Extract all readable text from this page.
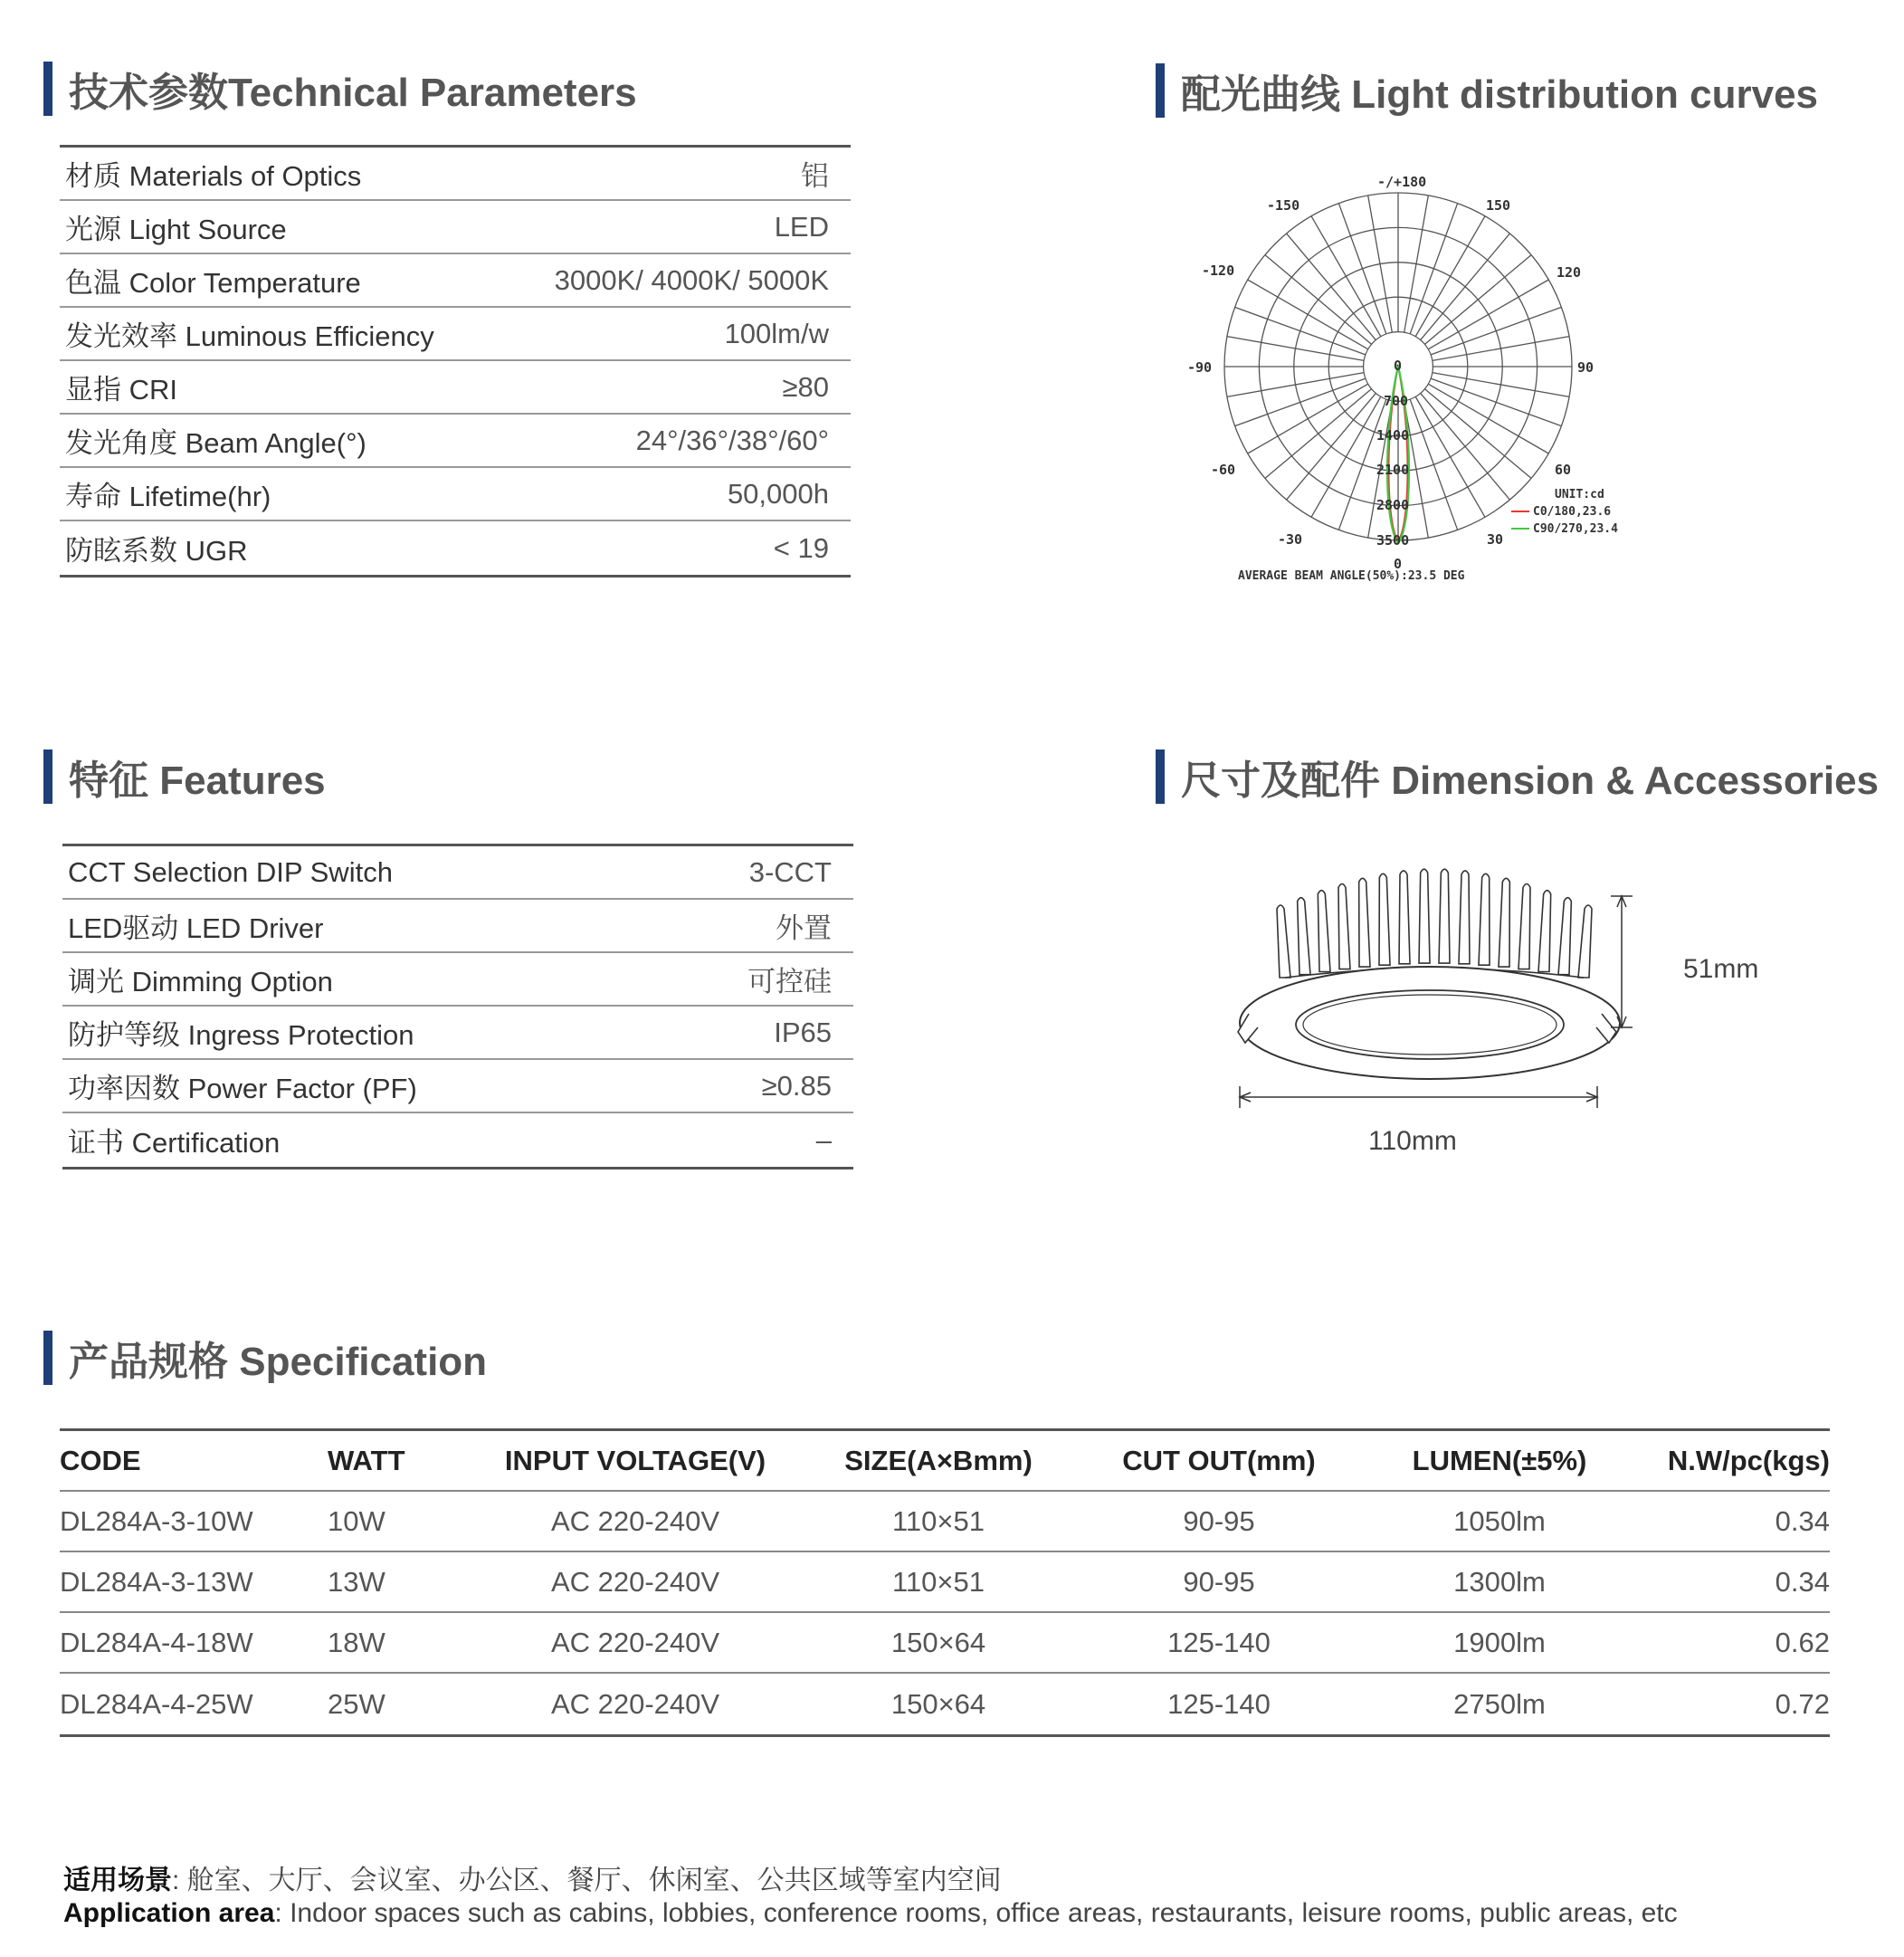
技术参数Technical Parameters
材质 Materials of Optics	铝
光源 Light Source	LED
色温 Color Temperature	3000K/ 4000K/ 5000K
发光效率 Luminous Efficiency	100lm/w
显指 CRI	≥80
发光角度 Beam Angle(°)	24°/36°/38°/60°
寿命 Lifetime(hr)	50,000h
防眩系数 UGR	< 19
配光曲线 Light distribution curves
-/+180
-150	150
-120	120
-90	90
-60	60
-30	30
0
0
700
1400
2100
2800
3500
UNIT:cd
C0/180,23.6
C90/270,23.4
AVERAGE BEAM ANGLE(50%):23.5 DEG
特征 Features
CCT Selection DIP Switch	3-CCT
LED驱动 LED Driver	外置
调光 Dimming Option	可控硅
防护等级 Ingress Protection	IP65
功率因数 Power Factor (PF)	≥0.85
证书 Certification	–
尺寸及配件 Dimension & Accessories
51mm
110mm
产品规格 Specification
CODE	WATT	INPUT VOLTAGE(V)	SIZE(A×Bmm)	CUT OUT(mm)	LUMEN(±5%)	N.W/pc(kgs)
DL284A-3-10W	10W	AC 220-240V	110×51	90-95	1050lm	0.34
DL284A-3-13W	13W	AC 220-240V	110×51	90-95	1300lm	0.34
DL284A-4-18W	18W	AC 220-240V	150×64	125-140	1900lm	0.62
DL284A-4-25W	25W	AC 220-240V	150×64	125-140	2750lm	0.72
适用场景: 舱室、大厅、会议室、办公区、餐厅、休闲室、公共区域等室内空间
Application area: Indoor spaces such as cabins, lobbies, conference rooms, office areas, restaurants, leisure rooms, public areas, etc
